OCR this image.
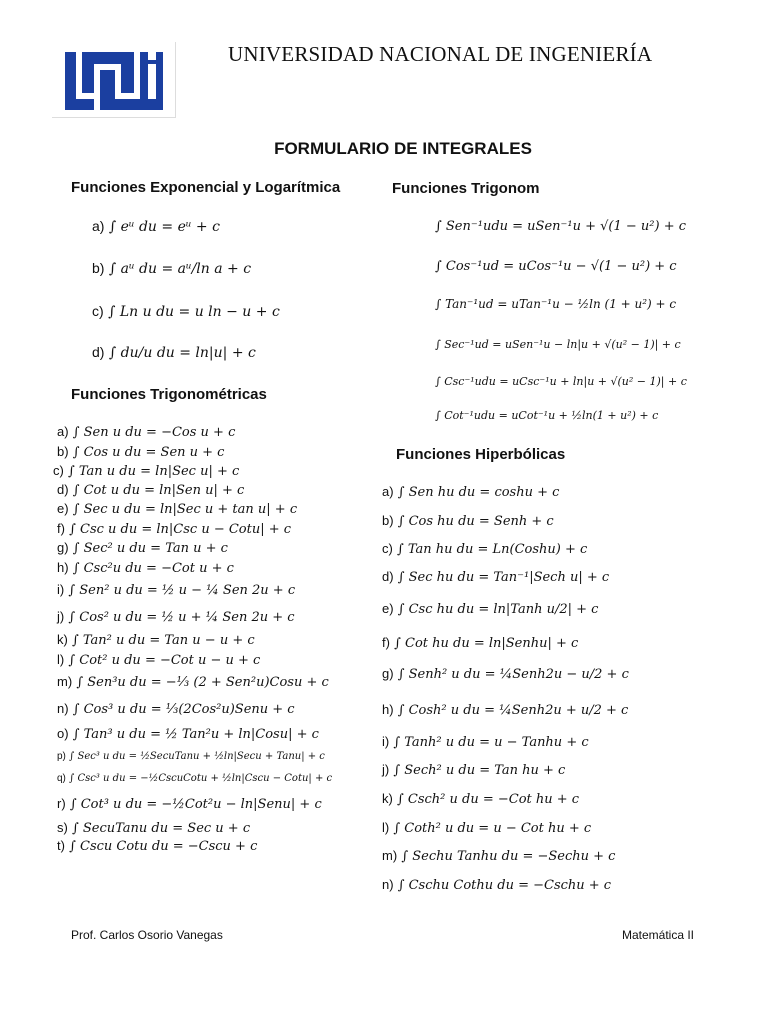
UNIVERSIDAD NACIONAL DE INGENIERÍA
FORMULARIO DE INTEGRALES
Funciones Exponencial y Logarítmica
a) ∫ eᵘ du = eᵘ + c
b) ∫ aᵘ du = aᵘ/ln a + c
c) ∫ Ln u du = u ln − u + c
d) ∫ du/u du = ln|u| + c
Funciones Trigonométricas
a) ∫ Sen u du = −Cos u + c
b) ∫ Cos u du = Sen u + c
c) ∫ Tan u du = ln|Sec u| + c
d) ∫ Cot u du = ln|Sen u| + c
e) ∫ Sec u du = ln|Sec u + tan u| + c
f) ∫ Csc u du = ln|Csc u − Cotu| + c
g) ∫ Sec² u du = Tan u + c
h) ∫ Csc²u du = −Cot u + c
i) ∫ Sen² u du = ½ u − ¼ Sen 2u + c
j) ∫ Cos² u du = ½ u + ¼ Sen 2u + c
k) ∫ Tan² u du = Tan u − u + c
l) ∫ Cot² u du = −Cot u − u + c
m) ∫ Sen³u du = −⅓ (2 + Sen²u)Cosu + c
n) ∫ Cos³ u du = ⅓(2Cos²u)Senu + c
o) ∫ Tan³ u du = ½ Tan²u + ln|Cosu| + c
p) ∫ Sec³ u du = ½SecuTanu + ½ln|Secu + Tanu| + c
q) ∫ Csc³ u du = −½CscuCotu + ½ln|Cscu − Cotu| + c
r) ∫ Cot³ u du = −½Cot²u − ln|Senu| + c
s) ∫ SecuTanu du = Sec u + c
t) ∫ Cscu Cotu du = −Cscu + c
Funciones Trigonom
∫ Sen⁻¹udu = uSen⁻¹u + √(1 − u²) + c
∫ Cos⁻¹ud = uCos⁻¹u − √(1 − u²) + c
∫ Tan⁻¹ud = uTan⁻¹u − ½ln (1 + u²) + c
∫ Sec⁻¹ud = uSen⁻¹u − ln|u + √(u² − 1)| + c
∫ Csc⁻¹udu = uCsc⁻¹u + ln|u + √(u² − 1)| + c
∫ Cot⁻¹udu = uCot⁻¹u + ½ln(1 + u²) + c
Funciones Hiperbólicas
a) ∫ Sen hu du = coshu + c
b) ∫ Cos hu du = Senh + c
c) ∫ Tan hu du = Ln(Coshu) + c
d) ∫ Sec hu du = Tan⁻¹|Sech u| + c
e) ∫ Csc hu du = ln|Tanh u/2| + c
f) ∫ Cot hu du = ln|Senhu| + c
g) ∫ Senh² u du = ¼Senh2u − u/2 + c
h) ∫ Cosh² u du = ¼Senh2u + u/2 + c
i) ∫ Tanh² u du = u − Tanhu + c
j) ∫ Sech² u du = Tan hu + c
k) ∫ Csch² u du = −Cot hu + c
l) ∫ Coth² u du = u − Cot hu + c
m) ∫ Sechu Tanhu du = −Sechu + c
n) ∫ Cschu Cothu du = −Cschu + c
Prof. Carlos Osorio Vanegas	Matemática II
